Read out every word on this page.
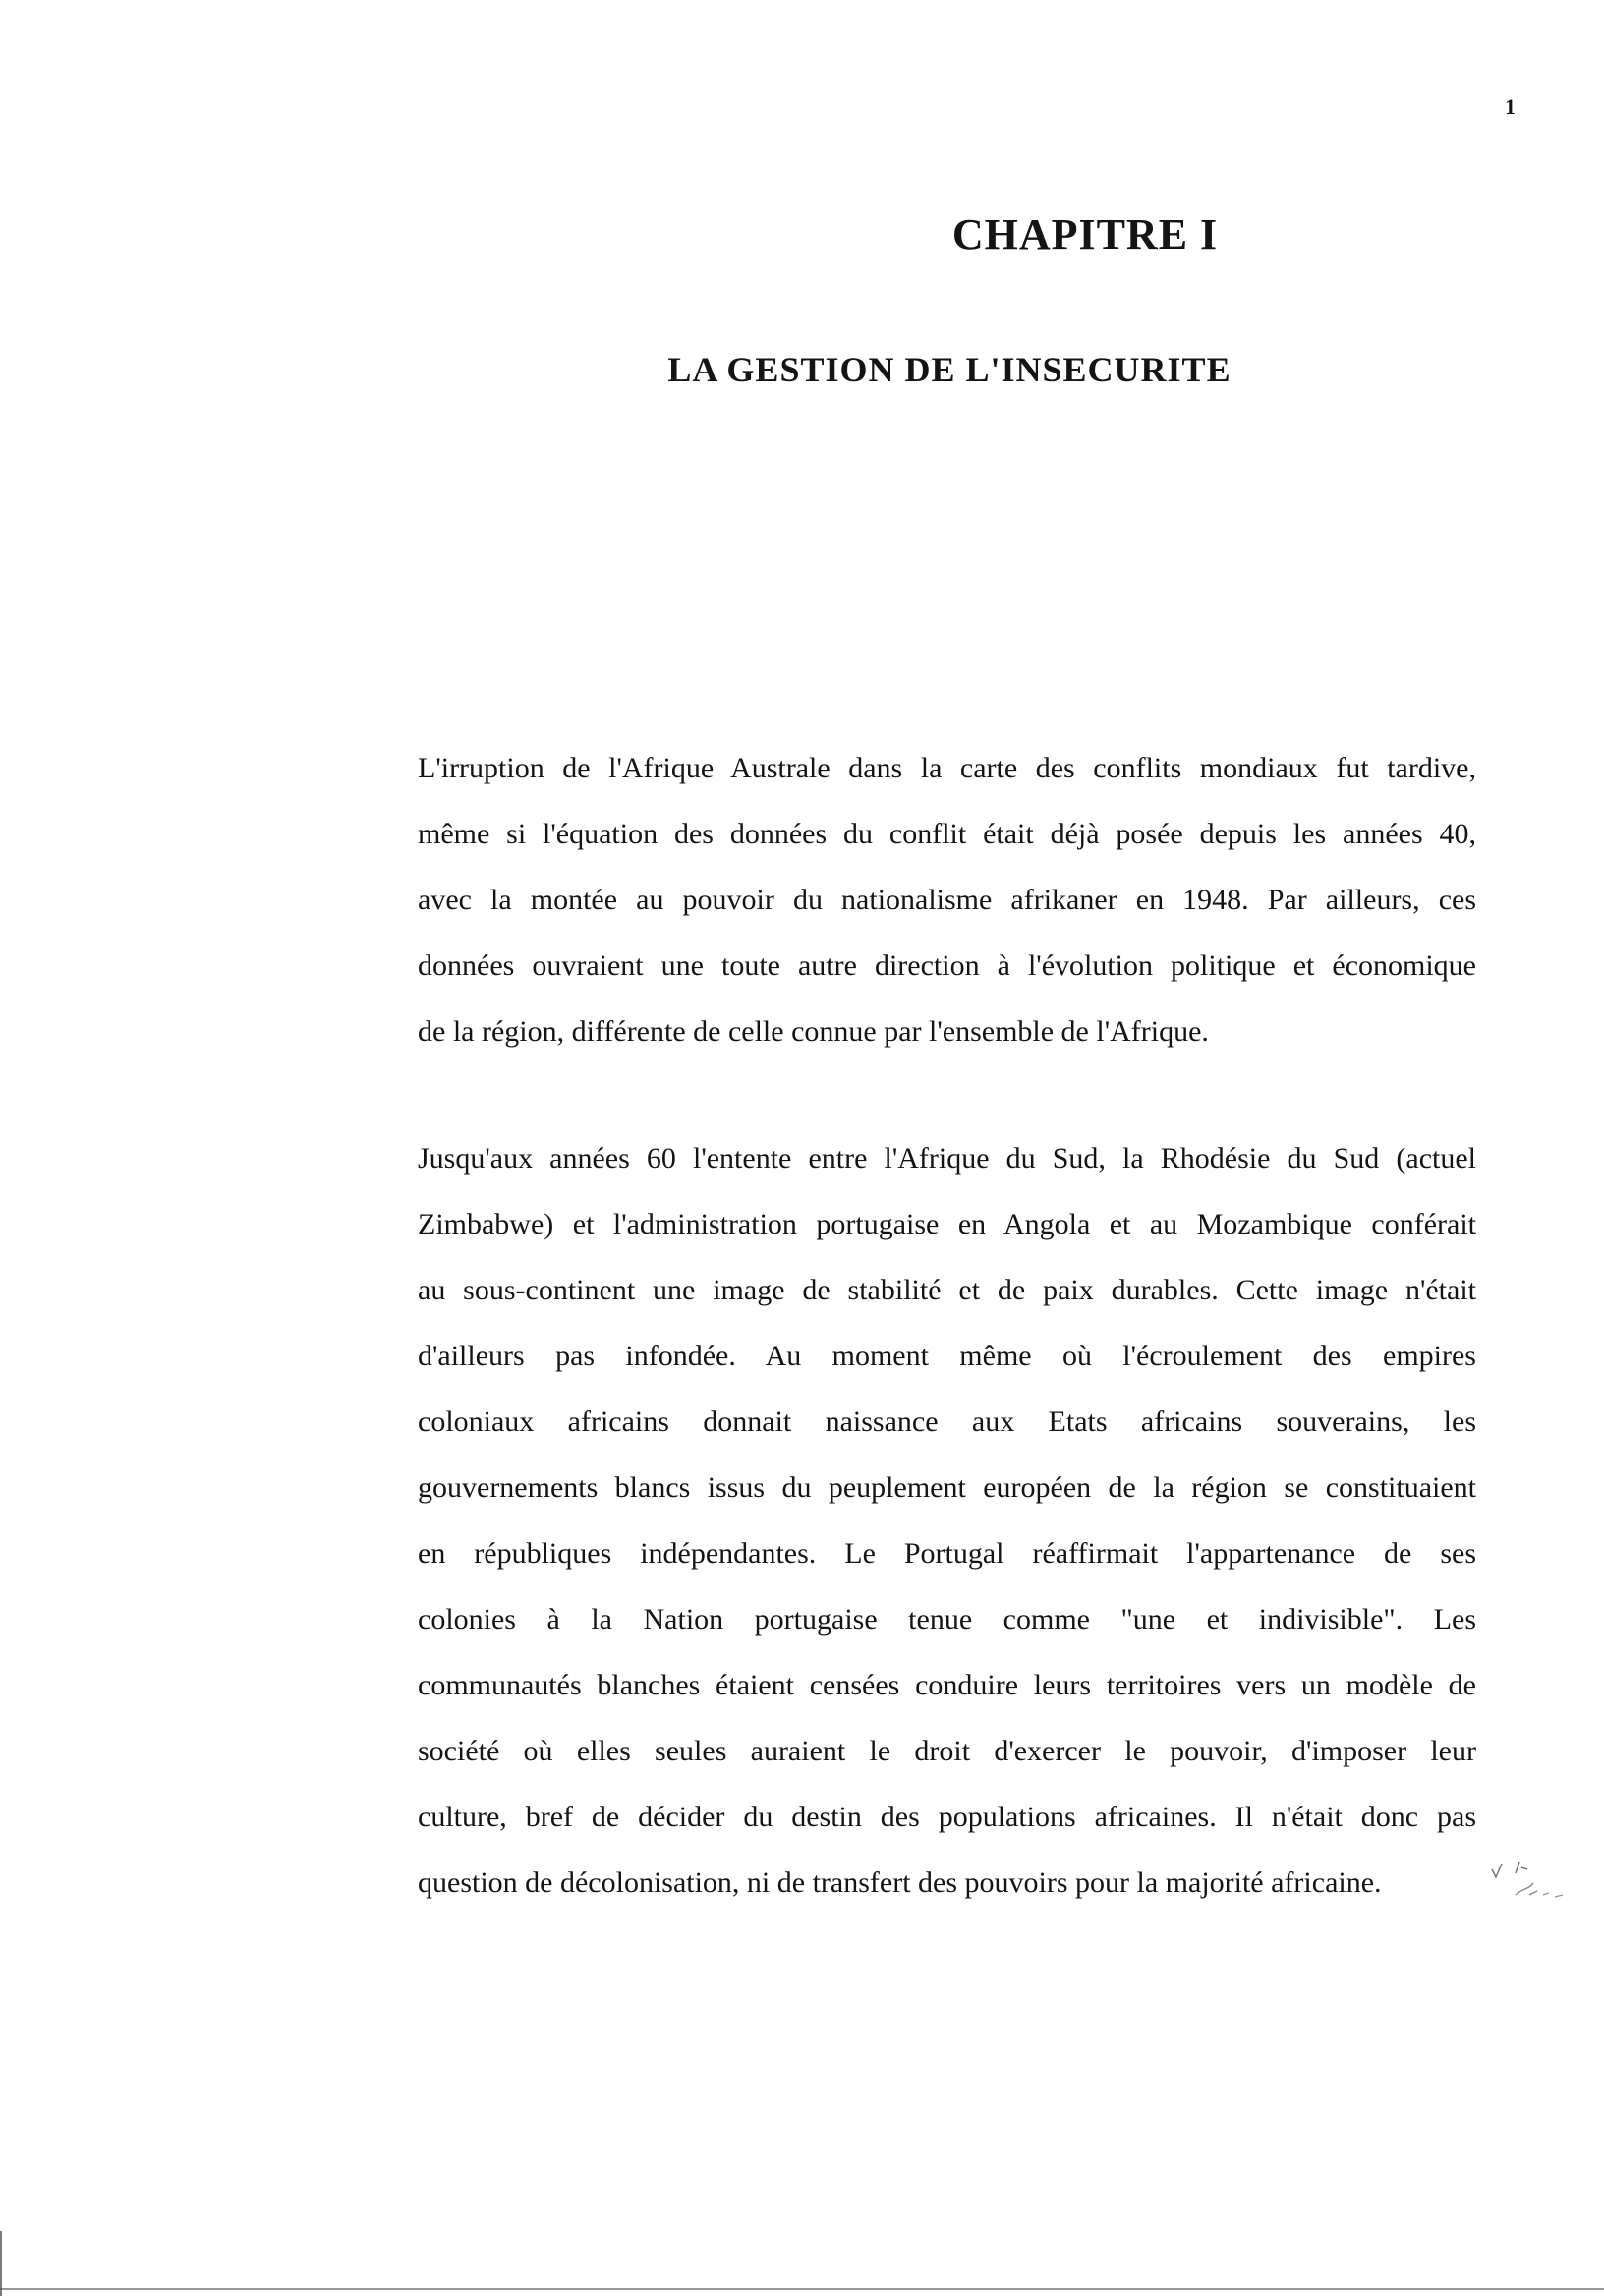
1
CHAPITRE I
LA GESTION DE L'INSECURITE
L'irruption de l'Afrique Australe dans la carte des conflits mondiaux fut tardive,
même si l'équation des données du conflit était déjà posée depuis les années 40,
avec la montée au pouvoir du nationalisme afrikaner en 1948. Par ailleurs, ces
données ouvraient une toute autre direction à l'évolution politique et économique
de la région, différente de celle connue par l'ensemble de l'Afrique.
Jusqu'aux années 60 l'entente entre l'Afrique du Sud, la Rhodésie du Sud (actuel
Zimbabwe) et l'administration portugaise en Angola et au Mozambique conférait
au sous-continent une image de stabilité et de paix durables. Cette image n'était
d'ailleurs pas infondée. Au moment même où l'écroulement des empires
coloniaux africains donnait naissance aux Etats africains souverains, les
gouvernements blancs issus du peuplement européen de la région se constituaient
en républiques indépendantes. Le Portugal réaffirmait l'appartenance de ses
colonies à la Nation portugaise tenue comme "une et indivisible". Les
communautés blanches étaient censées conduire leurs territoires vers un modèle de
société où elles seules auraient le droit d'exercer le pouvoir, d'imposer leur
culture, bref de décider du destin des populations africaines. Il n'était donc pas
question de décolonisation, ni de transfert des pouvoirs pour la majorité africaine.
